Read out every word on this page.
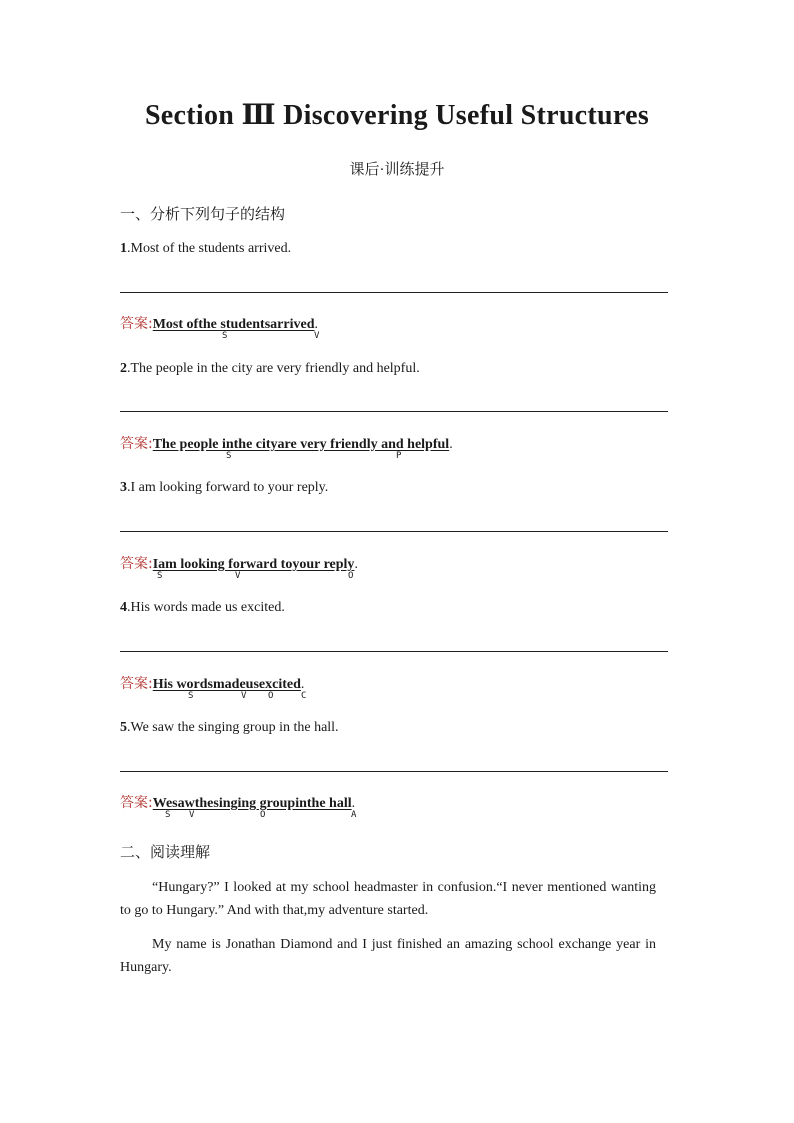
Section Ⅲ Discovering Useful Structures
课后·训练提升
一、分析下列句子的结构
1.Most of the students arrived.
答案:Most ofthe studentsarrived.
S	V
2.The people in the city are very friendly and helpful.
答案:The people inthe cityare very friendly and helpful.
S	P
3.I am looking forward to your reply.
答案:Iam looking forward toyour reply.
S	V	O
4.His words made us excited.
答案:His wordsmadeusexcited.
S	V O	C
5.We saw the singing group in the hall.
答案:Wesawthesinging groupinthe hall.
S V	O	A
二、阅读理解

“Hungary?” I looked at my school headmaster in confusion.“I never mentioned wanting to go to Hungary.” And with that,my adventure started.

My name is Jonathan Diamond and I just finished an amazing school exchange year in Hungary.
